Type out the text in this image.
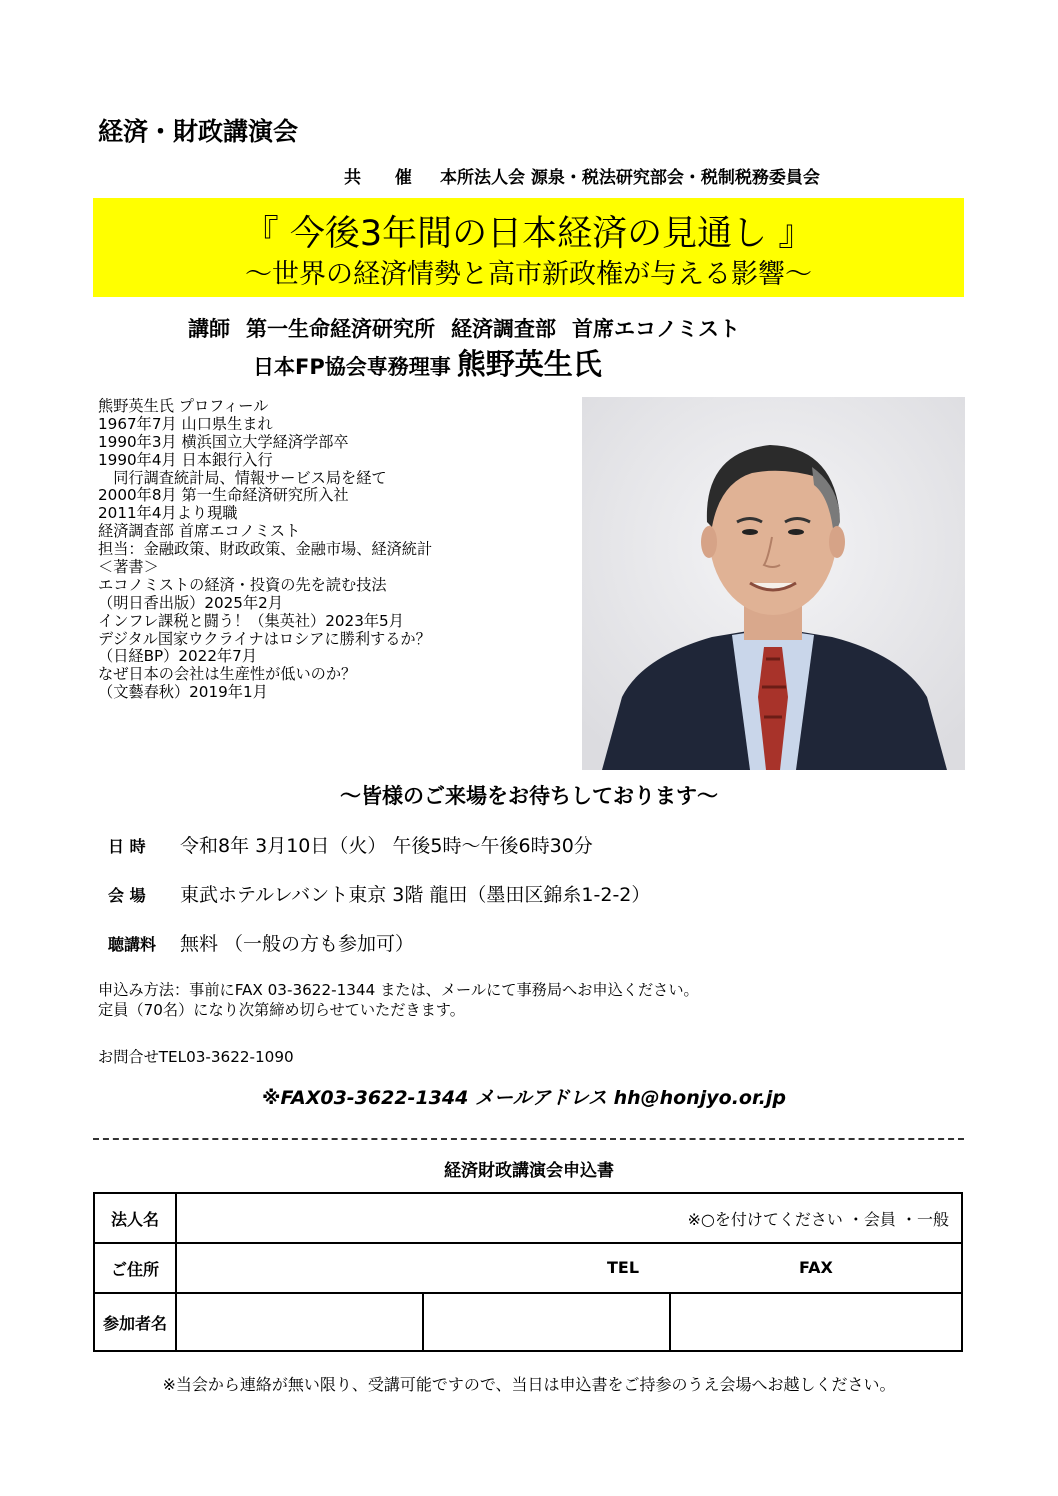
経済・財政講演会
共 催 本所法人会 源泉・税法研究部会・税制税務委員会
『 今後3年間の日本経済の見通し 』
～世界の経済情勢と高市新政権が与える影響～
講師 第一生命経済研究所 経済調査部 首席エコノミスト
日本FP協会専務理事 熊野英生氏
熊野英生氏 プロフィール
1967年7月 山口県生まれ
1990年3月 横浜国立大学経済学部卒
1990年4月 日本銀行入行
　同行調査統計局、情報サービス局を経て
2000年8月 第一生命経済研究所入社
2011年4月より現職
経済調査部 首席エコノミスト
担当：金融政策、財政政策、金融市場、経済統計
＜著書＞
エコノミストの経済・投資の先を読む技法
（明日香出版）2025年2月
インフレ課税と闘う！（集英社）2023年5月
デジタル国家ウクライナはロシアに勝利するか？
（日経BP）2022年7月
なぜ日本の会社は生産性が低いのか？
（文藝春秋）2019年1月
～皆様のご来場をお待ちしております～
日 時 令和8年 3月10日（火） 午後5時～午後6時30分
会 場 東武ホテルレバント東京 3階 龍田（墨田区錦糸1-2-2）
聴講料 無料 （一般の方も参加可）
申込み方法：事前にFAX 03-3622-1344 または、メールにて事務局へお申込ください。
定員（70名）になり次第締め切らせていただきます。
お問合せTEL03-3622-1090
※FAX03-3622-1344 メールアドレス hh@honjyo.or.jp
経済財政講演会申込書
法人名	※○を付けてください ・会員 ・一般		
ご住所	TEL FAX		

参加者名			
※当会から連絡が無い限り、受講可能ですので、当日は申込書をご持参のうえ会場へお越しください。
